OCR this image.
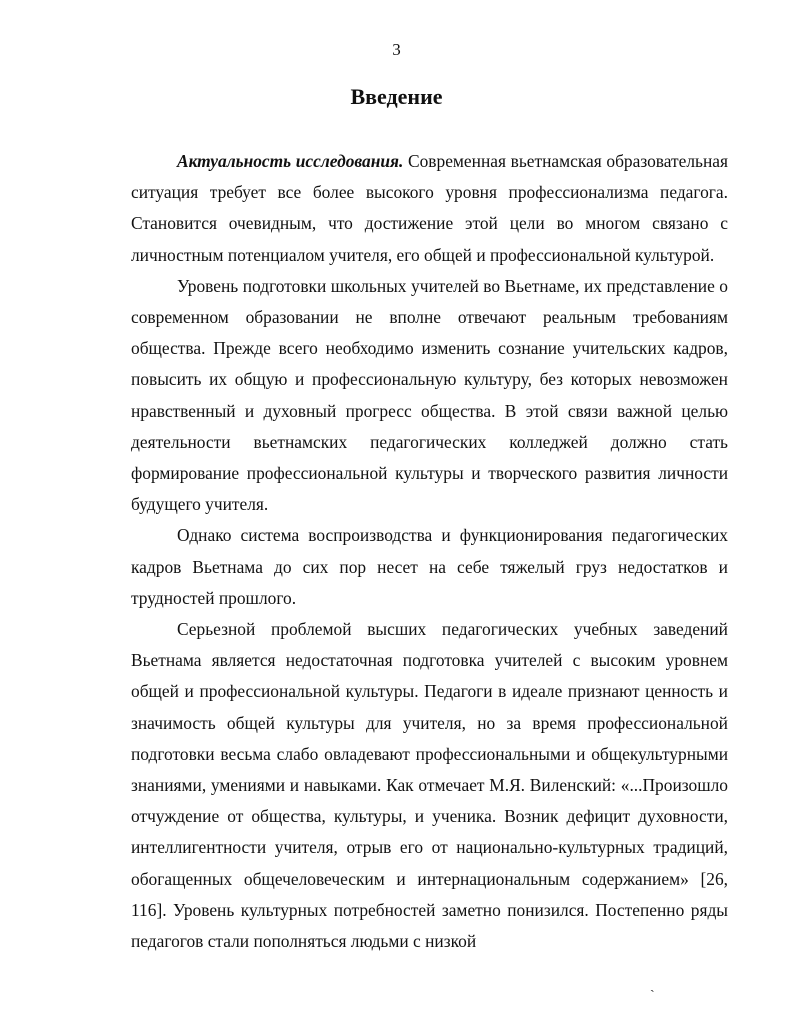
3
Введение

Актуальность исследования. Современная вьетнамская образовательная ситуация требует все более высокого уровня профессионализма педагога. Становится очевидным, что достижение этой цели во многом связано с личностным потенциалом учителя, его общей и профессиональной культурой.

Уровень подготовки школьных учителей во Вьетнаме, их представление о современном образовании не вполне отвечают реальным требованиям общества. Прежде всего необходимо изменить сознание учительских кадров, повысить их общую и профессиональную культуру, без которых невозможен нравственный и духовный прогресс общества. В этой связи важной целью деятельности вьетнамских педагогических колледжей должно стать формирование профессиональной культуры и творческого развития личности будущего учителя.

Однако система воспроизводства и функционирования педагогических кадров Вьетнама до сих пор несет на себе тяжелый груз недостатков и трудностей прошлого.

Серьезной проблемой высших педагогических учебных заведений Вьетнама является недостаточная подготовка учителей с высоким уровнем общей и профессиональной культуры. Педагоги в идеале признают ценность и значимость общей культуры для учителя, но за время профессиональной подготовки весьма слабо овладевают профессиональными и общекультурными знаниями, умениями и навыками. Как отмечает М.Я. Виленский: «...Произошло отчуждение от общества, культуры, и ученика. Возник дефицит духовности, интеллигентности учителя, отрыв его от национально-культурных традиций, обогащенных общечеловеческим и интернациональным содержанием» [26, 116]. Уровень культурных потребностей заметно понизился. Постепенно ряды педагогов стали пополняться людьми с низкой

ˏ
